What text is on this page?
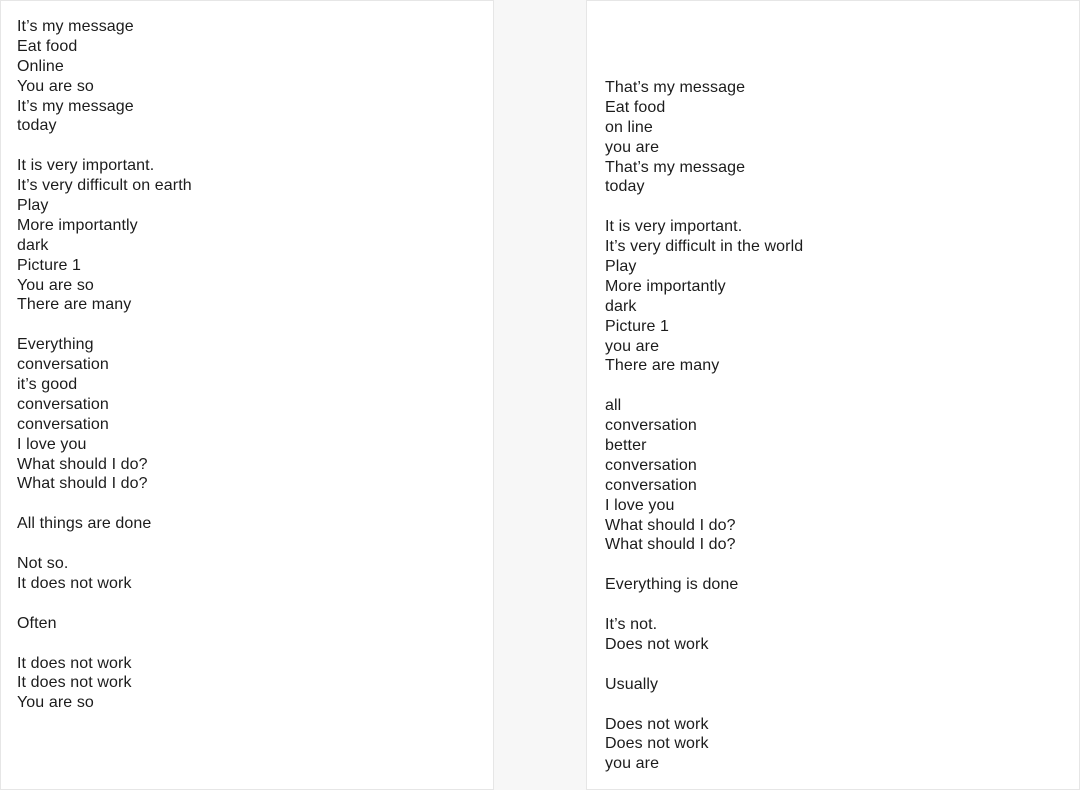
It’s my message
Eat food
Online
You are so
It’s my message
today
It is very important.
It’s very difficult on earth
Play
More importantly
dark
Picture 1
You are so
There are many
Everything
conversation
it’s good
conversation
conversation
I love you
What should I do?
What should I do?
All things are done
Not so.
It does not work
Often
It does not work
It does not work
You are so
That’s my message
Eat food
on line
you are
That’s my message
today
It is very important.
It’s very difficult in the world
Play
More importantly
dark
Picture 1
you are
There are many
all
conversation
better
conversation
conversation
I love you
What should I do?
What should I do?
Everything is done
It’s not.
Does not work
Usually
Does not work
Does not work
you are
